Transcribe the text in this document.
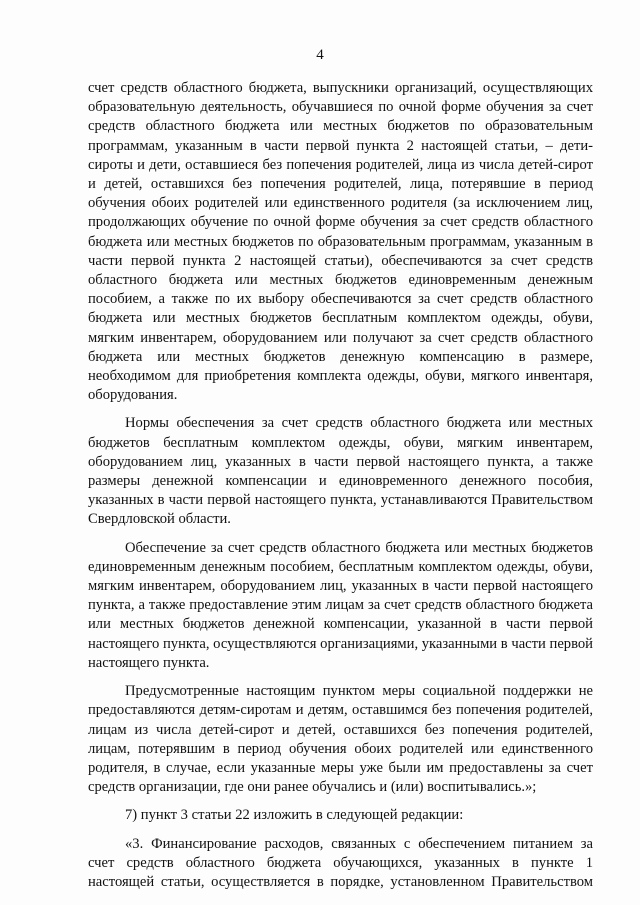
4

счет средств областного бюджета, выпускники организаций, осуществляющих образовательную деятельность, обучавшиеся по очной форме обучения за счет средств областного бюджета или местных бюджетов по образовательным программам, указанным в части первой пункта 2 настоящей статьи, – дети-сироты и дети, оставшиеся без попечения родителей, лица из числа детей-сирот и детей, оставшихся без попечения родителей, лица, потерявшие в период обучения обоих родителей или единственного родителя (за исключением лиц, продолжающих обучение по очной форме обучения за счет средств областного бюджета или местных бюджетов по образовательным программам, указанным в части первой пункта 2 настоящей статьи), обеспечиваются за счет средств областного бюджета или местных бюджетов единовременным денежным пособием, а также по их выбору обеспечиваются за счет средств областного бюджета или местных бюджетов бесплатным комплектом одежды, обуви, мягким инвентарем, оборудованием или получают за счет средств областного бюджета или местных бюджетов денежную компенсацию в размере, необходимом для приобретения комплекта одежды, обуви, мягкого инвентаря, оборудования.

Нормы обеспечения за счет средств областного бюджета или местных бюджетов бесплатным комплектом одежды, обуви, мягким инвентарем, оборудованием лиц, указанных в части первой настоящего пункта, а также размеры денежной компенсации и единовременного денежного пособия, указанных в части первой настоящего пункта, устанавливаются Правительством Свердловской области.

Обеспечение за счет средств областного бюджета или местных бюджетов единовременным денежным пособием, бесплатным комплектом одежды, обуви, мягким инвентарем, оборудованием лиц, указанных в части первой настоящего пункта, а также предоставление этим лицам за счет средств областного бюджета или местных бюджетов денежной компенсации, указанной в части первой настоящего пункта, осуществляются организациями, указанными в части первой настоящего пункта.

Предусмотренные настоящим пунктом меры социальной поддержки не предоставляются детям-сиротам и детям, оставшимся без попечения родителей, лицам из числа детей-сирот и детей, оставшихся без попечения родителей, лицам, потерявшим в период обучения обоих родителей или единственного родителя, в случае, если указанные меры уже были им предоставлены за счет средств организации, где они ранее обучались и (или) воспитывались.»;

7) пункт 3 статьи 22 изложить в следующей редакции:

«3. Финансирование расходов, связанных с обеспечением питанием за счет средств областного бюджета обучающихся, указанных в пункте 1 настоящей статьи, осуществляется в порядке, установленном Правительством
